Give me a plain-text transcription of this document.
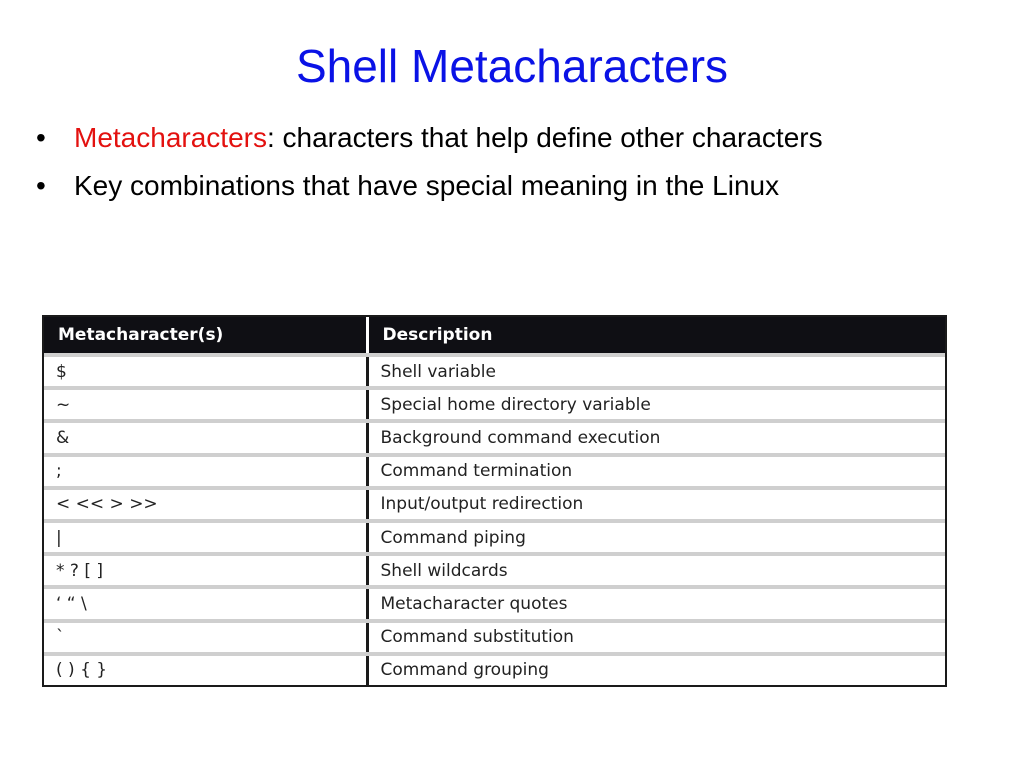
Shell Metacharacters
• Metacharacters: characters that help define other characters
• Key combinations that have special meaning in the Linux
Metacharacter(s)	Description
$	Shell variable
~	Special home directory variable
&	Background command execution
;	Command termination
< << > >>	Input/output redirection
|	Command piping
* ? [ ]	Shell wildcards
‘ “ \	Metacharacter quotes
`	Command substitution
( ) { }	Command grouping
